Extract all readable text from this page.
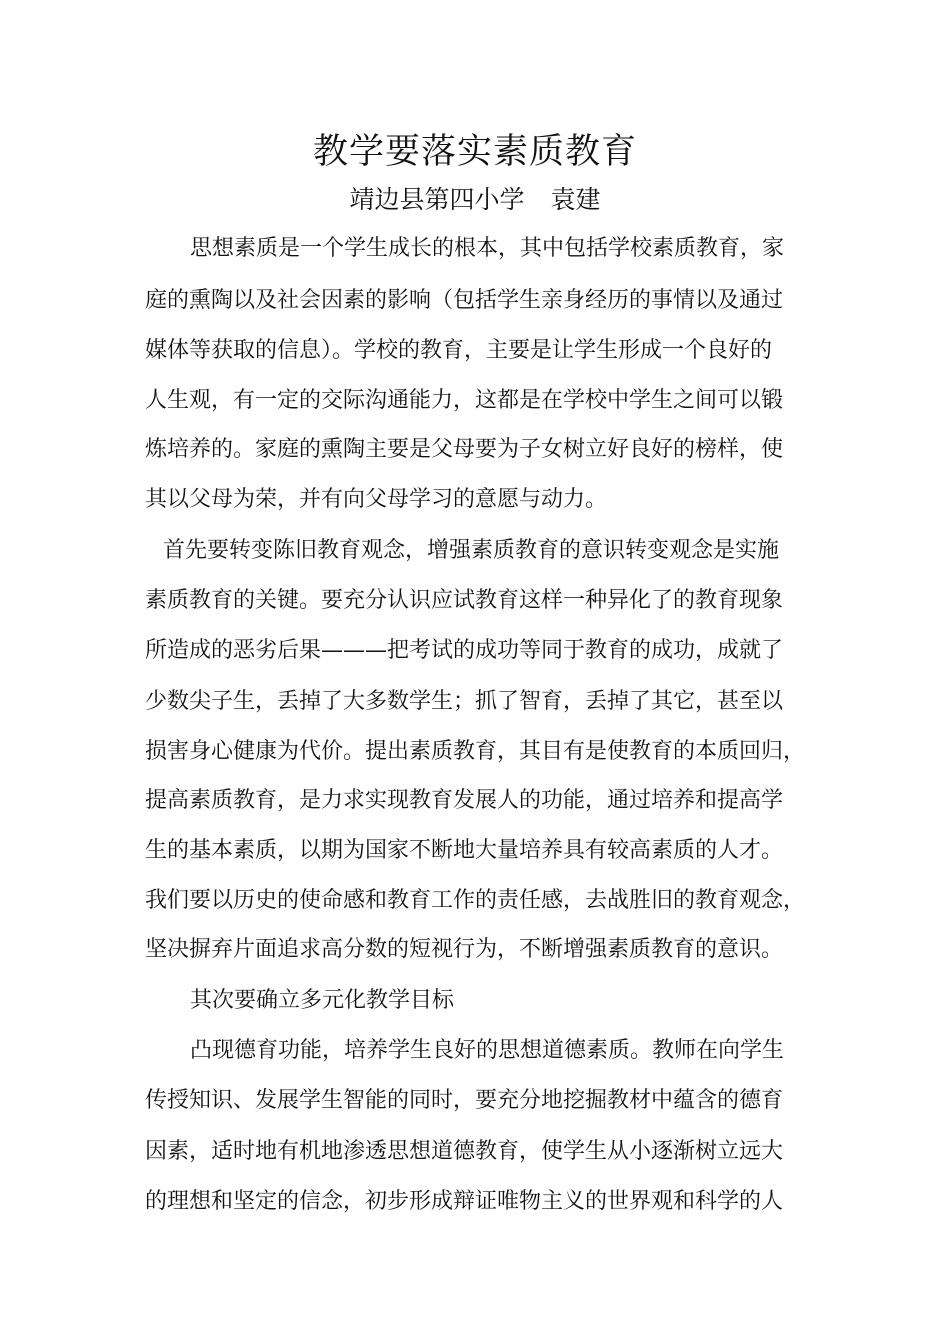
教学要落实素质教育
靖边县第四小学 袁建

思想素质是一个学生成长的根本，其中包括学校素质教育，家

庭的熏陶以及社会因素的影响（包括学生亲身经历的事情以及通过

媒体等获取的信息）。学校的教育，主要是让学生形成一个良好的

人生观，有一定的交际沟通能力，这都是在学校中学生之间可以锻

炼培养的。家庭的熏陶主要是父母要为子女树立好良好的榜样，使

其以父母为荣，并有向父母学习的意愿与动力。

首先要转变陈旧教育观念，增强素质教育的意识转变观念是实施

素质教育的关键。要充分认识应试教育这样一种异化了的教育现象

所造成的恶劣后果———把考试的成功等同于教育的成功，成就了

少数尖子生，丢掉了大多数学生；抓了智育，丢掉了其它，甚至以

损害身心健康为代价。提出素质教育，其目有是使教育的本质回归，

提高素质教育，是力求实现教育发展人的功能，通过培养和提高学

生的基本素质，以期为国家不断地大量培养具有较高素质的人才。

我们要以历史的使命感和教育工作的责任感，去战胜旧的教育观念，

坚决摒弃片面追求高分数的短视行为，不断增强素质教育的意识。

其次要确立多元化教学目标

凸现德育功能，培养学生良好的思想道德素质。教师在向学生

传授知识、发展学生智能的同时，要充分地挖掘教材中蕴含的德育

因素，适时地有机地渗透思想道德教育，使学生从小逐渐树立远大

的理想和坚定的信念，初步形成辩证唯物主义的世界观和科学的人
